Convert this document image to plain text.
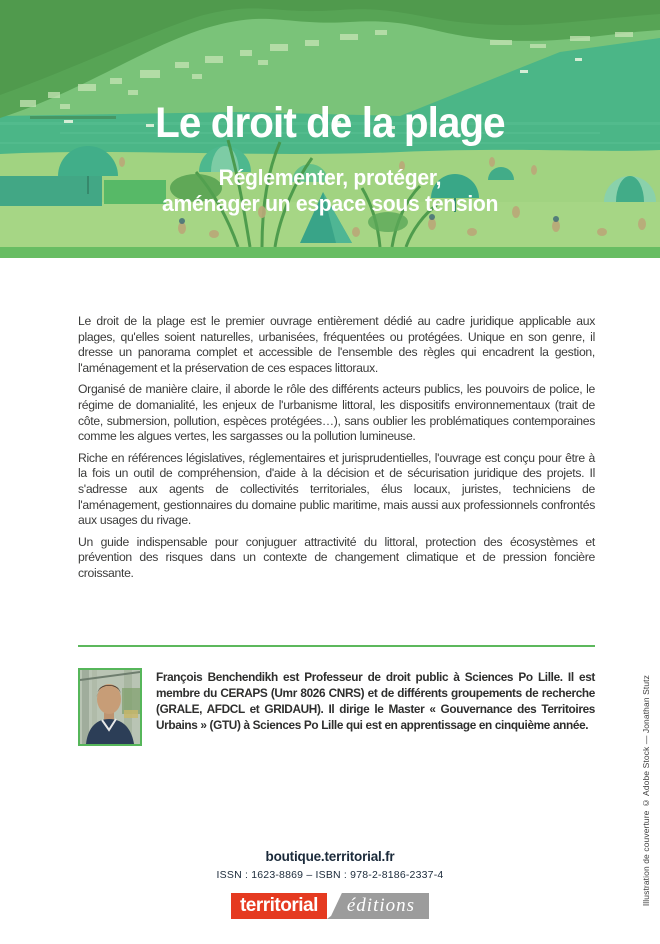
Le droit de la plage
Réglementer, protéger,
aménager un espace sous tension

Le droit de la plage est le premier ouvrage entièrement dédié au cadre juridique applicable aux plages, qu'elles soient naturelles, urbanisées, fréquentées ou protégées. Unique en son genre, il dresse un panorama complet et accessible de l'ensemble des règles qui encadrent la gestion, l'aménagement et la préservation de ces espaces littoraux.

Organisé de manière claire, il aborde le rôle des différents acteurs publics, les pouvoirs de police, le régime de domanialité, les enjeux de l'urbanisme littoral, les dispositifs environnementaux (trait de côte, submersion, pollution, espèces protégées…), sans oublier les problématiques contemporaines comme les algues vertes, les sargasses ou la pollution lumineuse.

Riche en références législatives, réglementaires et jurisprudentielles, l'ouvrage est conçu pour être à la fois un outil de compréhension, d'aide à la décision et de sécurisation juridique des projets. Il s'adresse aux agents de collectivités territoriales, élus locaux, juristes, techniciens de l'aménagement, gestionnaires du domaine public maritime, mais aussi aux professionnels confrontés aux usages du rivage.

Un guide indispensable pour conjuguer attractivité du littoral, protection des écosystèmes et prévention des risques dans un contexte de changement climatique et de pression foncière croissante.

François Benchendikh est Professeur de droit public à Sciences Po Lille. Il est membre du CERAPS (Umr 8026 CNRS) et de différents groupements de recherche (GRALE, AFDCL et GRIDAUH). Il dirige le Master « Gouvernance des Territoires Urbains » (GTU) à Sciences Po Lille qui est en apprentissage en cinquième année.
boutique.territorial.fr
ISSN : 1623-8869 – ISBN : 978-2-8186-2337-4
territorial éditions	Illustration de couverture © Adobe Stock — Jonathan Stutz
